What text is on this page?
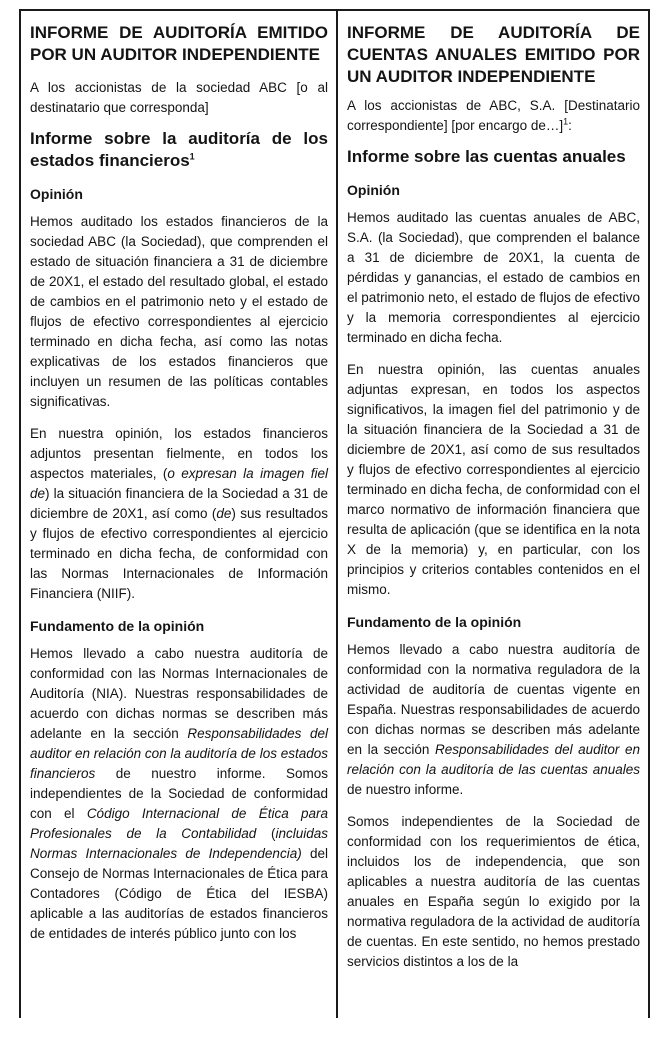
INFORME DE AUDITORÍA EMITIDO POR UN AUDITOR INDEPENDIENTE
A los accionistas de la sociedad ABC [o al destinatario que corresponda]
Informe sobre la auditoría de los estados financieros$^1$
Opinión
Hemos auditado los estados financieros de la sociedad ABC (la Sociedad), que comprenden el estado de situación financiera a 31 de diciembre de 20X1, el estado del resultado global, el estado de cambios en el patrimonio neto y el estado de flujos de efectivo correspondientes al ejercicio terminado en dicha fecha, así como las notas explicativas de los estados financieros que incluyen un resumen de las políticas contables significativas.
En nuestra opinión, los estados financieros adjuntos presentan fielmente, en todos los aspectos materiales, (o expresan la imagen fiel de) la situación financiera de la Sociedad a 31 de diciembre de 20X1, así como (de) sus resultados y flujos de efectivo correspondientes al ejercicio terminado en dicha fecha, de conformidad con las Normas Internacionales de Información Financiera (NIIF).
Fundamento de la opinión
Hemos llevado a cabo nuestra auditoría de conformidad con las Normas Internacionales de Auditoría (NIA). Nuestras responsabilidades de acuerdo con dichas normas se describen más adelante en la sección Responsabilidades del auditor en relación con la auditoría de los estados financieros de nuestro informe. Somos independientes de la Sociedad de conformidad con el Código Internacional de Ética para Profesionales de la Contabilidad (incluidas Normas Internacionales de Independencia) del Consejo de Normas Internacionales de Ética para Contadores (Código de Ética del IESBA) aplicable a las auditorías de estados financieros de entidades de interés público junto con los
INFORME DE AUDITORÍA DE CUENTAS ANUALES EMITIDO POR UN AUDITOR INDEPENDIENTE
A los accionistas de ABC, S.A. [Destinatario correspondiente] [por encargo de…]$^1$:
Informe sobre las cuentas anuales
Opinión
Hemos auditado las cuentas anuales de ABC, S.A. (la Sociedad), que comprenden el balance a 31 de diciembre de 20X1, la cuenta de pérdidas y ganancias, el estado de cambios en el patrimonio neto, el estado de flujos de efectivo y la memoria correspondientes al ejercicio terminado en dicha fecha.
En nuestra opinión, las cuentas anuales adjuntas expresan, en todos los aspectos significativos, la imagen fiel del patrimonio y de la situación financiera de la Sociedad a 31 de diciembre de 20X1, así como de sus resultados y flujos de efectivo correspondientes al ejercicio terminado en dicha fecha, de conformidad con el marco normativo de información financiera que resulta de aplicación (que se identifica en la nota X de la memoria) y, en particular, con los principios y criterios contables contenidos en el mismo.
Fundamento de la opinión
Hemos llevado a cabo nuestra auditoría de conformidad con la normativa reguladora de la actividad de auditoría de cuentas vigente en España. Nuestras responsabilidades de acuerdo con dichas normas se describen más adelante en la sección Responsabilidades del auditor en relación con la auditoría de las cuentas anuales de nuestro informe.
Somos independientes de la Sociedad de conformidad con los requerimientos de ética, incluidos los de independencia, que son aplicables a nuestra auditoría de las cuentas anuales en España según lo exigido por la normativa reguladora de la actividad de auditoría de cuentas. En este sentido, no hemos prestado servicios distintos a los de la
